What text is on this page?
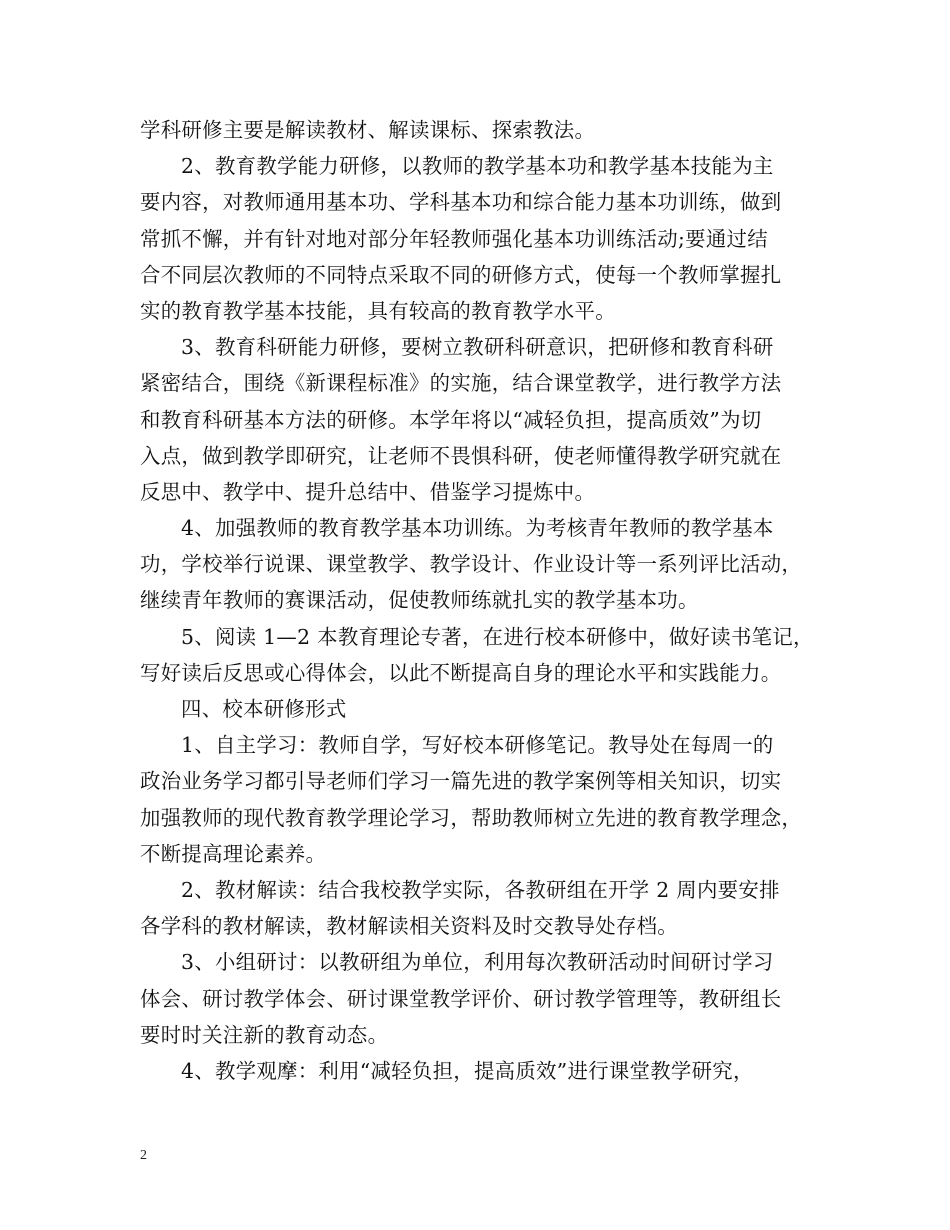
学科研修主要是解读教材、解读课标、探索教法。
2、教育教学能力研修，以教师的教学基本功和教学基本技能为主
要内容，对教师通用基本功、学科基本功和综合能力基本功训练，做到
常抓不懈，并有针对地对部分年轻教师强化基本功训练活动;要通过结
合不同层次教师的不同特点采取不同的研修方式，使每一个教师掌握扎
实的教育教学基本技能，具有较高的教育教学水平。
3、教育科研能力研修，要树立教研科研意识，把研修和教育科研
紧密结合，围绕《新课程标准》的实施，结合课堂教学，进行教学方法
和教育科研基本方法的研修。本学年将以“减轻负担，提高质效”为切
入点，做到教学即研究，让老师不畏惧科研，使老师懂得教学研究就在
反思中、教学中、提升总结中、借鉴学习提炼中。
4、加强教师的教育教学基本功训练。为考核青年教师的教学基本
功，学校举行说课、课堂教学、教学设计、作业设计等一系列评比活动，
继续青年教师的赛课活动，促使教师练就扎实的教学基本功。
5、阅读 1—2 本教育理论专著，在进行校本研修中，做好读书笔记，
写好读后反思或心得体会，以此不断提高自身的理论水平和实践能力。
四、校本研修形式
1、自主学习：教师自学，写好校本研修笔记。教导处在每周一的
政治业务学习都引导老师们学习一篇先进的教学案例等相关知识，切实
加强教师的现代教育教学理论学习，帮助教师树立先进的教育教学理念，
不断提高理论素养。
2、教材解读：结合我校教学实际，各教研组在开学 2 周内要安排
各学科的教材解读，教材解读相关资料及时交教导处存档。
3、小组研讨：以教研组为单位，利用每次教研活动时间研讨学习
体会、研讨教学体会、研讨课堂教学评价、研讨教学管理等，教研组长
要时时关注新的教育动态。
4、教学观摩：利用“减轻负担，提高质效”进行课堂教学研究，
2
